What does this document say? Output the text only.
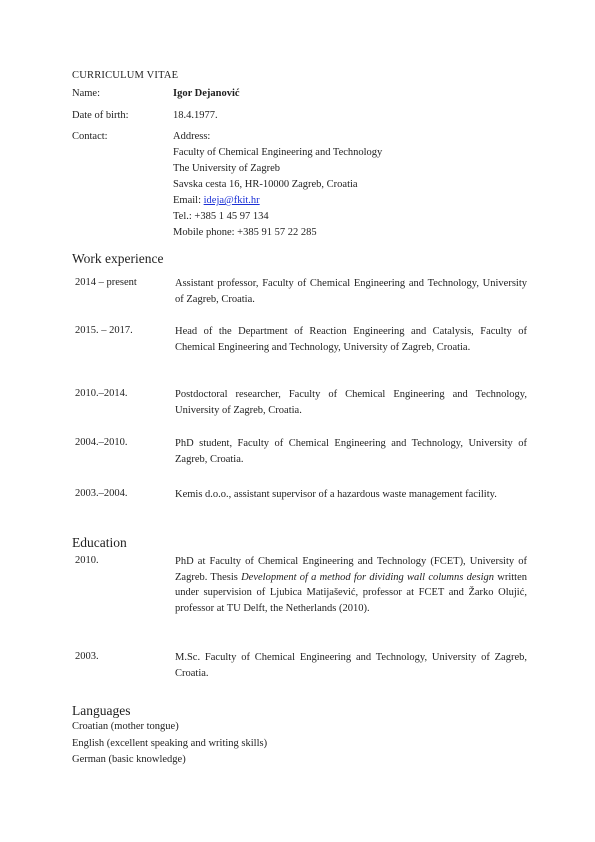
CURRICULUM VITAE
Name:	Igor Dejanović
Date of birth:	18.4.1977.
Contact:	Address:
Faculty of Chemical Engineering and Technology
The University of Zagreb
Savska cesta 16, HR-10000 Zagreb, Croatia
Email: ideja@fkit.hr
Tel.: +385 1 45 97 134
Mobile phone: +385 91 57 22 285
Work experience
2014 – present	Assistant professor, Faculty of Chemical Engineering and Technology, University of Zagreb, Croatia.
2015. – 2017.	Head of the Department of Reaction Engineering and Catalysis, Faculty of Chemical Engineering and Technology, University of Zagreb, Croatia.
2010.–2014.	Postdoctoral researcher, Faculty of Chemical Engineering and Technology, University of Zagreb, Croatia.
2004.–2010.	PhD student, Faculty of Chemical Engineering and Technology, University of Zagreb, Croatia.
2003.–2004.	Kemis d.o.o., assistant supervisor of a hazardous waste management facility.
Education
2010.	PhD at Faculty of Chemical Engineering and Technology (FCET), University of Zagreb. Thesis Development of a method for dividing wall columns design written under supervision of Ljubica Matijašević, professor at FCET and Žarko Olujić, professor at TU Delft, the Netherlands (2010).
2003.	M.Sc. Faculty of Chemical Engineering and Technology, University of Zagreb, Croatia.
Languages
Croatian (mother tongue)
English (excellent speaking and writing skills)
German (basic knowledge)
